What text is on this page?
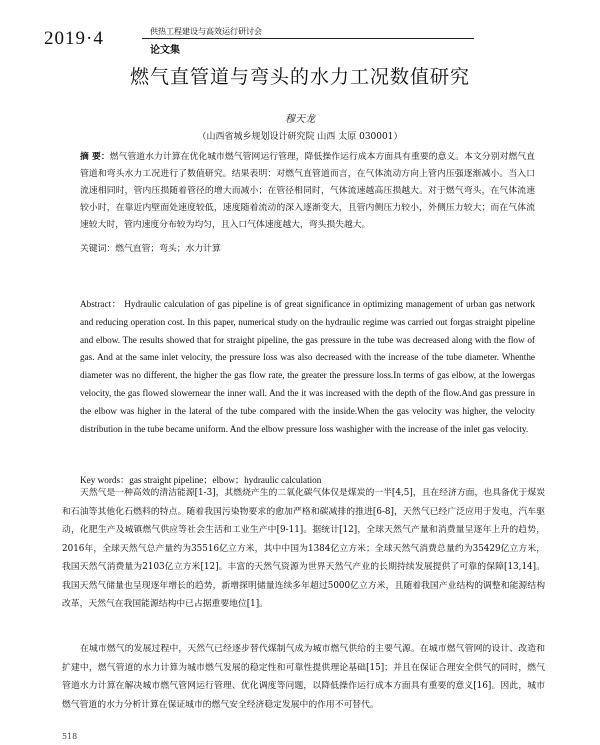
2019·4	供热工程建设与高效运行研讨会
论文集
燃气直管道与弯头的水力工况数值研究
穆天龙
（山西省城乡规划设计研究院 山西 太原 030001）
摘 要：燃气管道水力计算在优化城市燃气管网运行管理，降低操作运行成本方面具有重要的意义。本文分别对燃气直管道和弯头水力工况进行了数值研究。结果表明：对燃气直管道而言，在气体流动方向上管内压强逐渐减小。当入口流速相同时，管内压损随着管径的增大而减小；在管径相同时，气体流速越高压损越大。对于燃气弯头，在气体流速较小时，在靠近内壁面处速度较低，速度随着流动的深入逐渐变大，且管内侧压力较小，外侧压力较大；而在气体流速较大时，管内速度分布较为均匀，且入口气体速度越大，弯头损失越大。
关键词：燃气直管；弯头；水力计算
Abstract： Hydraulic calculation of gas pipeline is of great significance in optimizing management of urban gas network and reducing operation cost. In this paper, numerical study on the hydraulic regime was carried out forgas straight pipeline and elbow. The results showed that for straight pipeline, the gas pressure in the tube was decreased along with the flow of gas. And at the same inlet velocity, the pressure loss was also decreased with the increase of the tube diameter. Whenthe diameter was no different, the higher the gas flow rate, the greater the pressure loss.In terms of gas elbow, at the lowergas velocity, the gas flowed slowernear the inner wall. And the it was increased with the depth of the flow.And gas pressure in the elbow was higher in the lateral of the tube compared with the inside.When the gas velocity was higher, the velocity distribution in the tube became uniform. And the elbow pressure loss washigher with the increase of the inlet gas velocity.
Key words：gas straight pipeline；elbow；hydraulic calculation
天然气是一种高效的清洁能源[1-3]，其燃烧产生的二氧化碳气体仅是煤炭的一半[4,5]，且在经济方面，也具备优于煤炭和石油等其他化石燃料的特点。随着我国污染物要求的愈加严格和碳减排的推进[6-8]，天然气已经广泛应用于发电，汽车驱动，化肥生产及城镇燃气供应等社会生活和工业生产中[9-11]。据统计[12]，全球天然气产量和消费量呈逐年上升的趋势，2016年，全球天然气总产量约为35516亿立方米，其中中国为1384亿立方米；全球天然气消费总量约为35429亿立方米，我国天然气消费量为2103亿立方米[12]。丰富的天然气资源为世界天然气产业的长期持续发展提供了可靠的保障[13,14]。我国天然气储量也呈现逐年增长的趋势，新增探明储量连续多年超过5000亿立方米，且随着我国产业结构的调整和能源结构改革，天然气在我国能源结构中已占据重要地位[1]。
在城市燃气的发展过程中，天然气已经逐步替代煤制气成为城市燃气供给的主要气源。在城市燃气管网的设计、改造和扩建中，燃气管道的水力计算为城市燃气发展的稳定性和可靠性提供理论基础[15]；并且在保证合理安全供气的同时，燃气管道水力计算在解决城市燃气管网运行管理、优化调度等问题，以降低操作运行成本方面具有重要的意义[16]。因此，城市燃气管道的水力分析计算在保证城市的燃气安全经济稳定发展中的作用不可替代。
518
